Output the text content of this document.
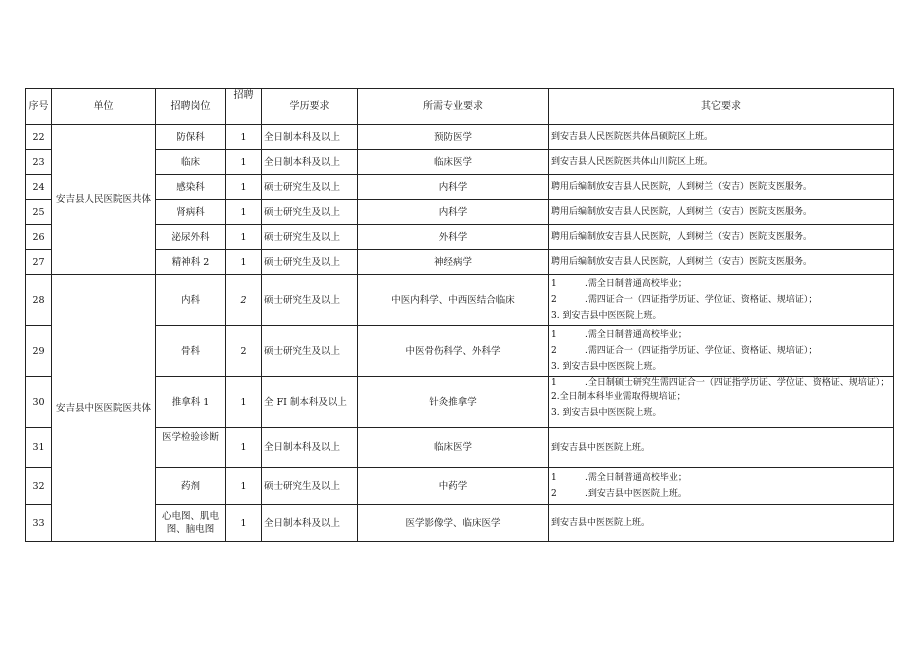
序号	单位	招聘岗位	招聘	学历要求	所需专业要求	其它要求
22	安吉县人民医院医共体	防保科	1	全日制本科及以上	预防医学	到安吉县人民医院医共体昌硕院区上班。

23		临床	1	全日制本科及以上	临床医学	到安吉县人民医院医共体山川院区上班。

24		感染科	1	硕士研究生及以上	内科学	聘用后编制放安吉县人民医院，人到树兰（安吉）医院支医服务。

25		肾病科	1	硕士研究生及以上	内科学	聘用后编制放安吉县人民医院，人到树兰（安吉）医院支医服务。

26		泌尿外科	1	硕士研究生及以上	外科学	聘用后编制放安吉县人民医院，人到树兰（安吉）医院支医服务。

27		精神科 2	1	硕士研究生及以上	神经病学	聘用后编制放安吉县人民医院，人到树兰（安吉）医院支医服务。

28	安吉县中医医院医共体	内科	2	硕士研究生及以上	中医内科学、中西医结合临床	1 .需全日制普通高校毕业；
2 .需四证合一（四证指学历证、学位证、资格证、规培证）；
3. 到安吉县中医医院上班。

29		骨科	2	硕士研究生及以上	中医骨伤科学、外科学	1 .需全日制普通高校毕业；
2 .需四证合一（四证指学历证、学位证、资格证、规培证）；
3. 到安吉县中医医院上班。

30		推拿科 1	1	全 FI 制本科及以上	针灸推拿学	1 .全日制硕士研究生需四证合一（四证指学历证、学位证、资格证、规培证）；
2.全日制本科毕业需取得规培证；
3. 到安吉县中医医院上班。

31		医学检验诊断	1	全日制本科及以上	临床医学	到安吉县中医医院上班。

32		药剂	1	硕士研究生及以上	中药学	1 .需全日制普通高校毕业；
2 .到安吉县中医医院上班。

33		心电图、肌电图、脑电图	1	全日制本科及以上	医学影像学、临床医学	到安吉县中医医院上班。
